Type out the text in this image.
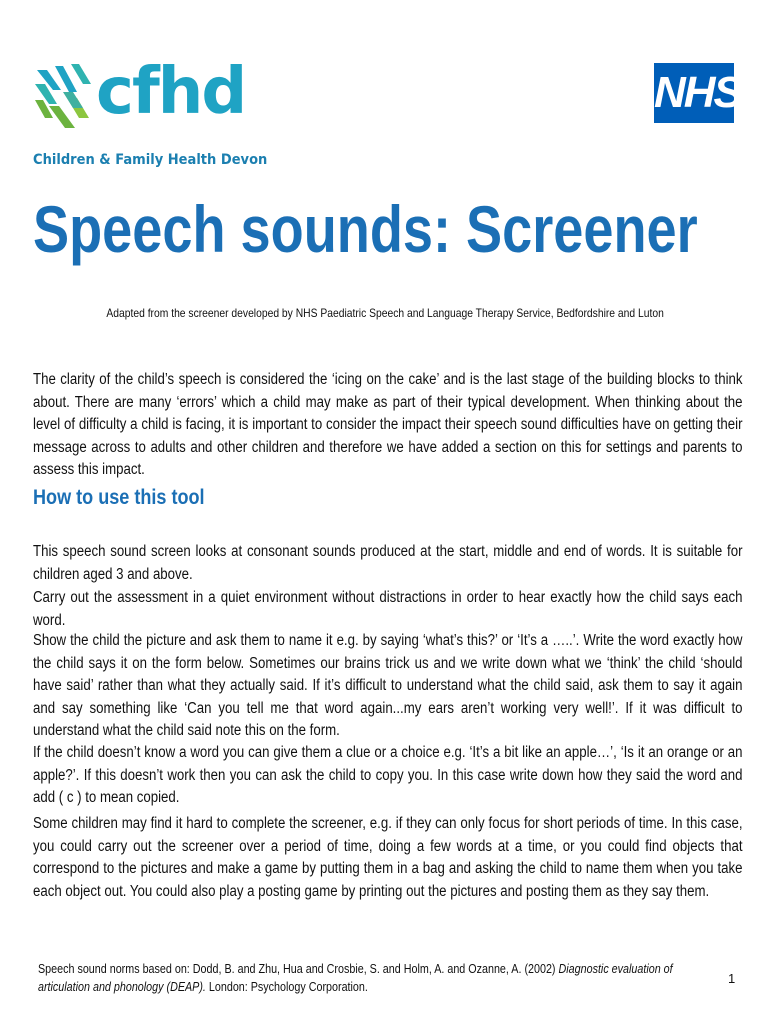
cfhd
Children & Family Health Devon
NHS
Speech sounds: Screener
Adapted from the screener developed by NHS Paediatric Speech and Language Therapy Service, Bedfordshire and Luton
The clarity of the child’s speech is considered the ‘icing on the cake’ and is the last stage of the building blocks to think about. There are many ‘errors’ which a child may make as part of their typical development. When thinking about the level of difficulty a child is facing, it is important to consider the impact their speech sound difficulties have on getting their message across to adults and other children and therefore we have added a section on this for settings and parents to assess this impact.
How to use this tool
This speech sound screen looks at consonant sounds produced at the start, middle and end of words. It is suitable for children aged 3 and above.
Carry out the assessment in a quiet environment without distractions in order to hear exactly how the child says each word.
Show the child the picture and ask them to name it e.g. by saying ‘what’s this?’ or ‘It’s a …..’. Write the word exactly how the child says it on the form below. Sometimes our brains trick us and we write down what we ‘think’ the child ‘should have said’ rather than what they actually said. If it’s difficult to understand what the child said, ask them to say it again and say something like ‘Can you tell me that word again...my ears aren’t working very well!’. If it was difficult to understand what the child said note this on the form.
If the child doesn’t know a word you can give them a clue or a choice e.g. ‘It’s a bit like an apple…’, ‘Is it an orange or an apple?’. If this doesn’t work then you can ask the child to copy you. In this case write down how they said the word and add ( c ) to mean copied.
Some children may find it hard to complete the screener, e.g. if they can only focus for short periods of time. In this case, you could carry out the screener over a period of time, doing a few words at a time, or you could find objects that correspond to the pictures and make a game by putting them in a bag and asking the child to name them when you take each object out. You could also play a posting game by printing out the pictures and posting them as they say them.
Speech sound norms based on: Dodd, B. and Zhu, Hua and Crosbie, S. and Holm, A. and Ozanne, A. (2002) Diagnostic evaluation of articulation and phonology (DEAP). London: Psychology Corporation.
1
